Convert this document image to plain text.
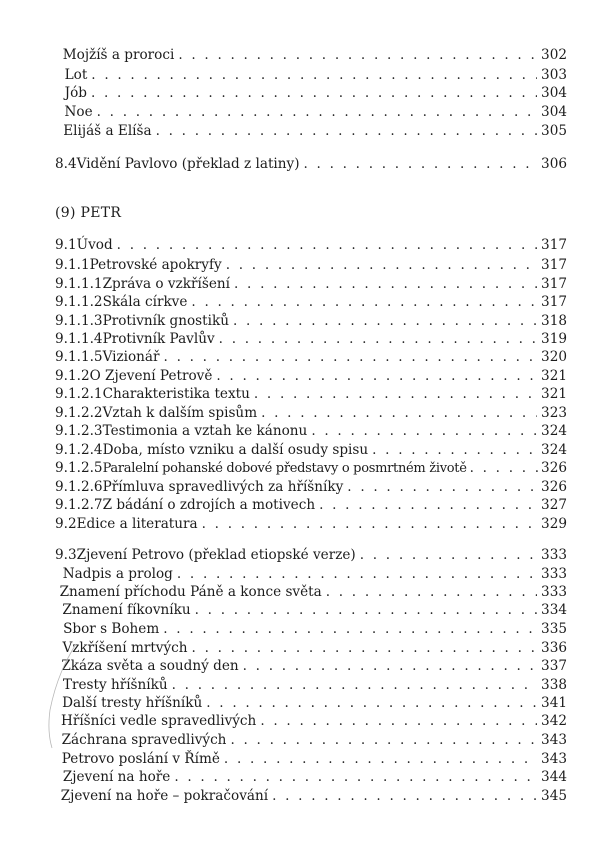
Mojžíš a proroci . . .	302
Lot . . .	303
Jób . . .	304
Noe . . .	304
Elijáš a Elíša . . .	305
8.4 Vidění Pavlovo (překlad z latiny) . . .	306
(9) PETR
9.1 Úvod . . .	317
9.1.1 Petrovské apokryfy . . .	317
9.1.1.1 Zpráva o vzkříšení . . .	317
9.1.1.2 Skála církve . . .	317
9.1.1.3 Protivník gnostiků . . .	318
9.1.1.4 Protivník Pavlův . . .	319
9.1.1.5 Vizionář . . .	320
9.1.2 O Zjevení Petrově . . .	321
9.1.2.1 Charakteristika textu . . .	321
9.1.2.2 Vztah k dalším spisům . . .	323
9.1.2.3 Testimonia a vztah ke kánonu . . .	324
9.1.2.4 Doba, místo vzniku a další osudy spisu . . .	324
9.1.2.5 Paralelní pohanské dobové představy o posmrtném životě . . .	326
9.1.2.6 Přímluva spravedlivých za hříšníky . . .	326
9.1.2.7 Z bádání o zdrojích a motivech . . .	327
9.2 Edice a literatura . . .	329
9.3 Zjevení Petrovo (překlad etiopské verze) . . .	333
Nadpis a prolog . . .	333
Znamení příchodu Páně a konce světa . . .	333
Znamení fíkovníku . . .	334
Sbor s Bohem . . .	335
Vzkříšení mrtvých . . .	336
Zkáza světa a soudný den . . .	337
Tresty hříšníků . . .	338
Další tresty hříšníků . . .	341
Hříšníci vedle spravedlivých . . .	342
Záchrana spravedlivých . . .	343
Petrovo poslání v Římě . . .	343
Zjevení na hoře . . .	344
Zjevení na hoře – pokračování . . .	345
